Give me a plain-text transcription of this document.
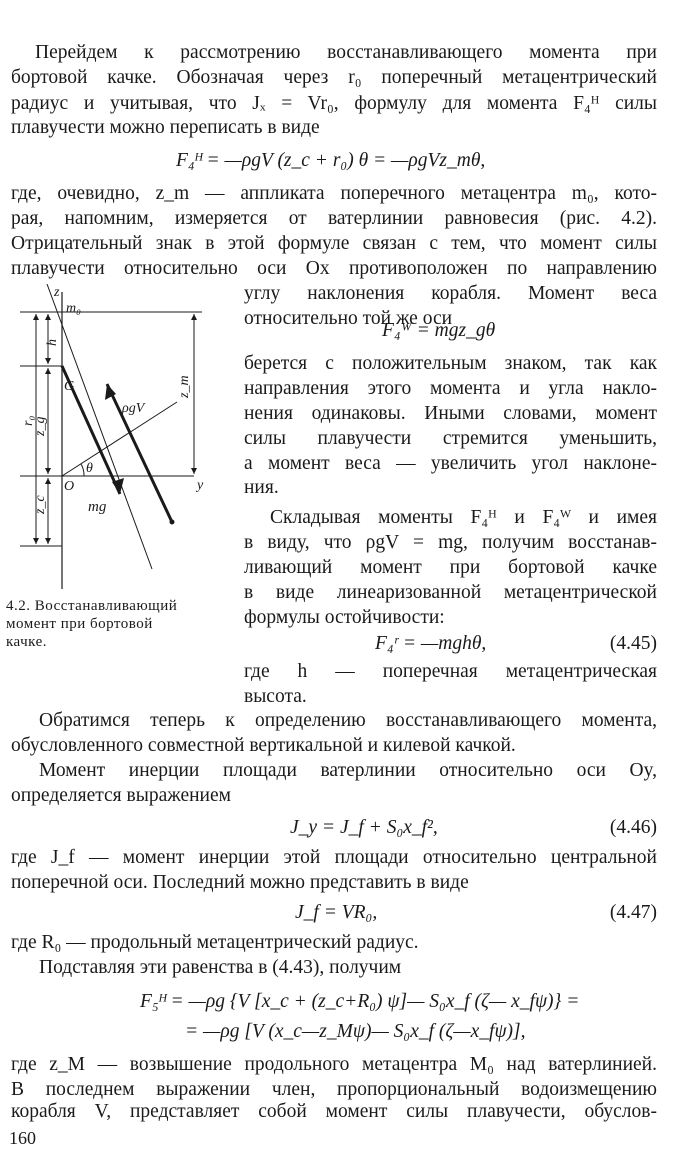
Перейдем к рассмотрению восстанавливающего момента при
бортовой качке. Обозначая через r₀ поперечный метацентрический
радиус и учитывая, что Jₓ = Vr₀, формулу для момента F₄ᴴ силы
плавучести можно переписать в виде
F₄ᴴ = —ρgV (z_c + r₀) θ = —ρgVz_mθ,
где, очевидно, z_m — аппликата поперечного метацентра m₀, кото-
рая, напомним, измеряется от ватерлинии равновесия (рис. 4.2).
Отрицательный знак в этой формуле связан с тем, что момент силы
плавучести относительно оси Ox противоположен по направлению
углу наклонения корабля. Момент веса
относительно той же оси
F₄ᵂ = mgz_gθ
берется с положительным знаком, так как
направления этого момента и угла накло-
нения одинаковы. Иными словами, момент
силы плавучести стремится уменьшить,
а момент веса — увеличить угол наклоне-
ния.
Складывая моменты F₄ᴴ и F₄ᵂ и имея
в виду, что ρgV = mg, получим восстанав-
ливающий момент при бортовой качке
в виде линеаризованной метацентрической
формулы остойчивости:
F₄ʳ = —mghθ,	(4.45)
где h — поперечная метацентрическая
высота.
z
m₀
h
z_m
G
ρgV
r₀
z_g
θ
O	y
z_c	mg
4.2. Восстанавливающий
момент при бортовой
качке.
Обратимся теперь к определению восстанавливающего момента,
обусловленного совместной вертикальной и килевой качкой.
Момент инерции площади ватерлинии относительно оси Oy,
определяется выражением
J_y = J_f + S₀x_f²,	(4.46)
где J_f — момент инерции этой площади относительно центральной
поперечной оси. Последний можно представить в виде
J_f = VR₀,	(4.47)
где R₀ — продольный метацентрический радиус.
Подставляя эти равенства в (4.43), получим
F₅ᴴ = —ρg {V [x_c + (z_c+R₀) ψ]— S₀x_f (ζ— x_fψ)} =
= —ρg [V (x_c—z_Mψ)— S₀x_f (ζ—x_fψ)],
где z_M — возвышение продольного метацентра M₀ над ватерлинией.
В последнем выражении член, пропорциональный водоизмещению
корабля V, представляет собой момент силы плавучести, обуслов-
160
